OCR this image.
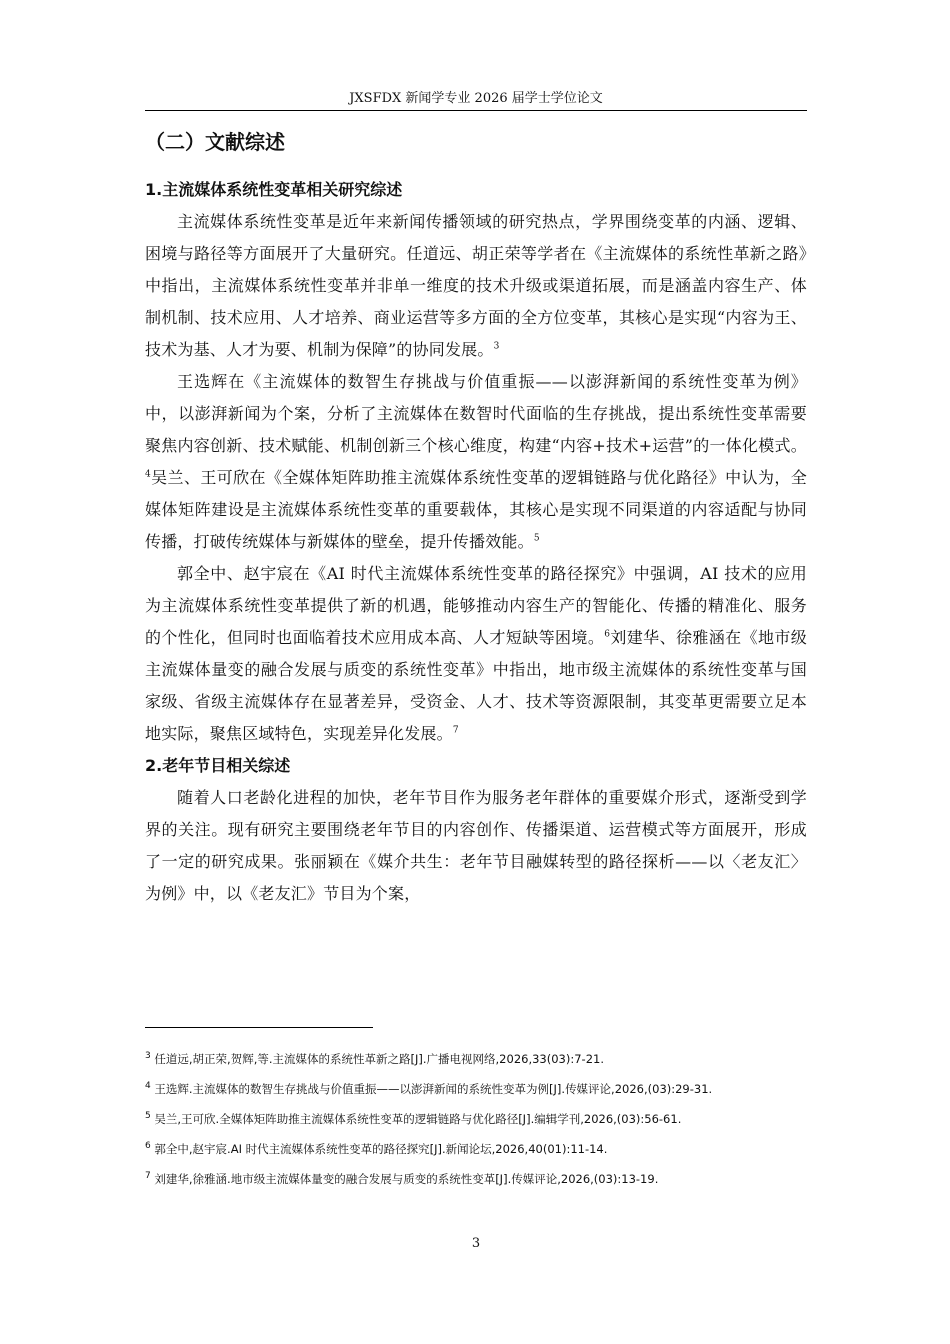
JXSFDX 新闻学专业 2026 届学士学位论文
（二）文献综述
1.主流媒体系统性变革相关研究综述

主流媒体系统性变革是近年来新闻传播领域的研究热点，学界围绕变革的内涵、逻辑、困境与路径等方面展开了大量研究。任道远、胡正荣等学者在《主流媒体的系统性革新之路》中指出，主流媒体系统性变革并非单一维度的技术升级或渠道拓展，而是涵盖内容生产、体制机制、技术应用、人才培养、商业运营等多方面的全方位变革，其核心是实现“内容为王、技术为基、人才为要、机制为保障”的协同发展。$^3$

王选辉在《主流媒体的数智生存挑战与价值重振——以澎湃新闻的系统性变革为例》中，以澎湃新闻为个案，分析了主流媒体在数智时代面临的生存挑战，提出系统性变革需要聚焦内容创新、技术赋能、机制创新三个核心维度，构建“内容+技术+运营”的一体化模式。$^4$吴兰、王可欣在《全媒体矩阵助推主流媒体系统性变革的逻辑链路与优化路径》中认为，全媒体矩阵建设是主流媒体系统性变革的重要载体，其核心是实现不同渠道的内容适配与协同传播，打破传统媒体与新媒体的壁垒，提升传播效能。$^5$

郭全中、赵宇宸在《AI 时代主流媒体系统性变革的路径探究》中强调，AI 技术的应用为主流媒体系统性变革提供了新的机遇，能够推动内容生产的智能化、传播的精准化、服务的个性化，但同时也面临着技术应用成本高、人才短缺等困境。$^6$刘建华、徐雅涵在《地市级主流媒体量变的融合发展与质变的系统性变革》中指出，地市级主流媒体的系统性变革与国家级、省级主流媒体存在显著差异，受资金、人才、技术等资源限制，其变革更需要立足本地实际，聚焦区域特色，实现差异化发展。$^7$

2.老年节目相关综述

随着人口老龄化进程的加快，老年节目作为服务老年群体的重要媒介形式，逐渐受到学界的关注。现有研究主要围绕老年节目的内容创作、传播渠道、运营模式等方面展开，形成了一定的研究成果。张丽颖在《媒介共生：老年节目融媒转型的路径探析——以〈老友汇〉为例》中，以《老友汇》节目为个案，

$^3$ 任道远,胡正荣,贺辉,等.主流媒体的系统性革新之路[J].广播电视网络,2026,33(03):7-21.

$^4$ 王选辉.主流媒体的数智生存挑战与价值重振——以澎湃新闻的系统性变革为例[J].传媒评论,2026,(03):29-31.

$^5$ 吴兰,王可欣.全媒体矩阵助推主流媒体系统性变革的逻辑链路与优化路径[J].编辑学刊,2026,(03):56-61.

$^6$ 郭全中,赵宇宸.AI 时代主流媒体系统性变革的路径探究[J].新闻论坛,2026,40(01):11-14.

$^7$ 刘建华,徐雅涵.地市级主流媒体量变的融合发展与质变的系统性变革[J].传媒评论,2026,(03):13-19.

3
